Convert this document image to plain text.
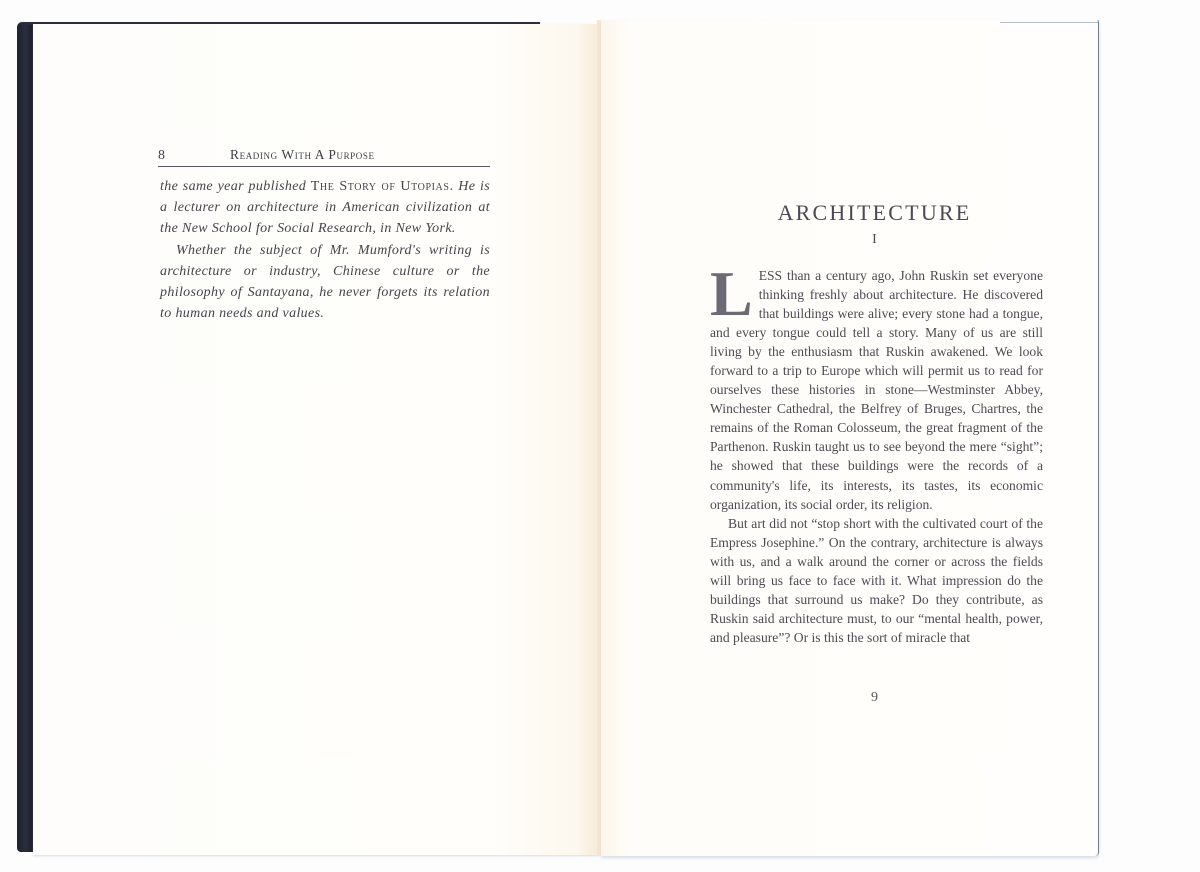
8	Reading With A Purpose

the same year published The Story of Utopias. He is a lecturer on architecture in American civilization at the New School for Social Research, in New York.

Whether the subject of Mr. Mumford's writing is architecture or industry, Chinese culture or the philosophy of Santayana, he never forgets its relation to human needs and values.

ARCHITECTURE
I

LESS than a century ago, John Ruskin set everyone thinking freshly about architecture. He discovered that buildings were alive; every stone had a tongue, and every tongue could tell a story. Many of us are still living by the enthusiasm that Ruskin awakened. We look forward to a trip to Europe which will permit us to read for ourselves these histories in stone—Westminster Abbey, Winchester Cathedral, the Belfrey of Bruges, Chartres, the remains of the Roman Colosseum, the great fragment of the Parthenon. Ruskin taught us to see beyond the mere “sight”; he showed that these buildings were the records of a community's life, its interests, its tastes, its economic organization, its social order, its religion.

But art did not “stop short with the cultivated court of the Empress Josephine.” On the contrary, architecture is always with us, and a walk around the corner or across the fields will bring us face to face with it. What impression do the buildings that surround us make? Do they contribute, as Ruskin said architecture must, to our “mental health, power, and pleasure”? Or is this the sort of miracle that

9
